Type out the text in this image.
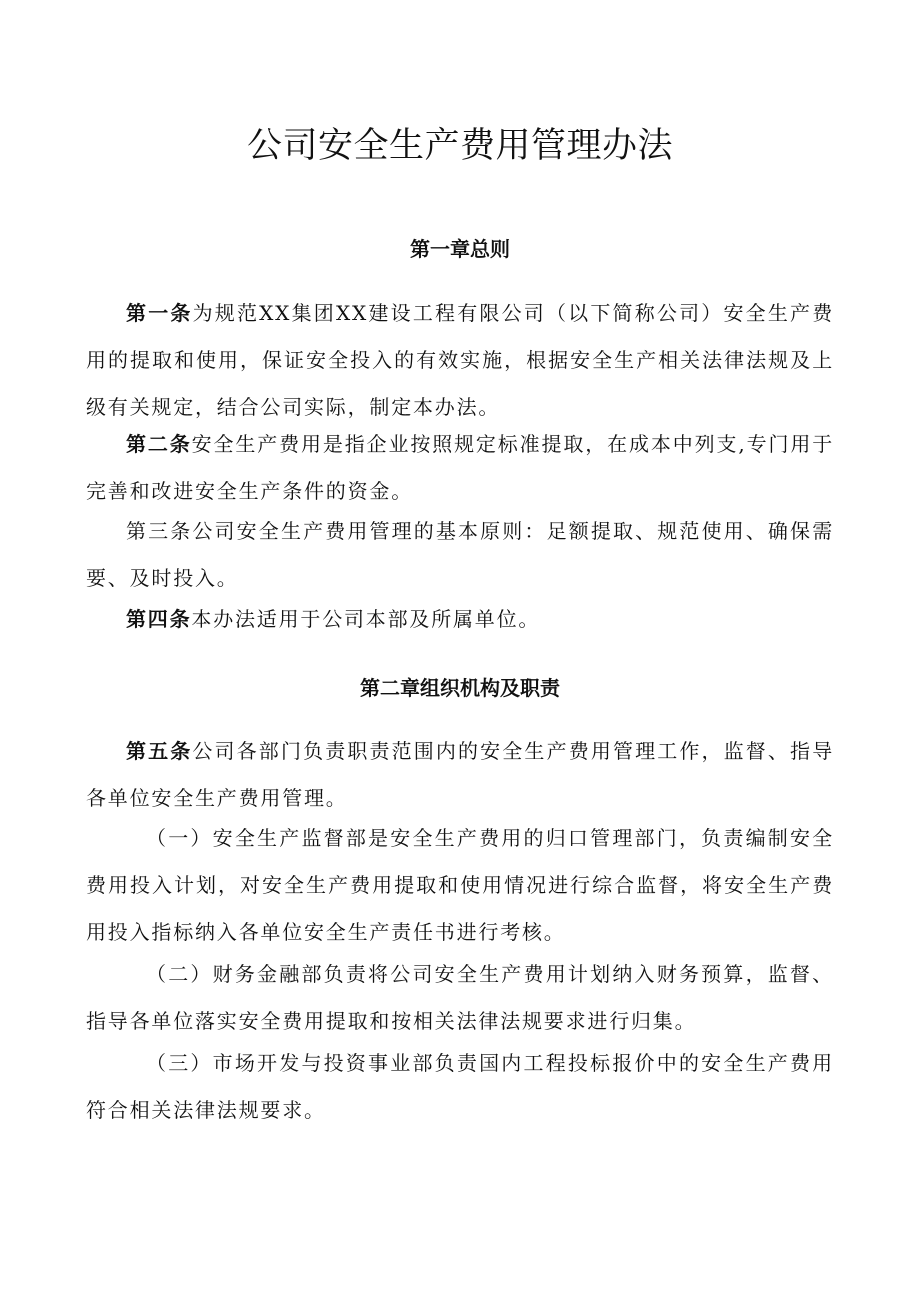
公司安全生产费用管理办法
第一章总则

第一条为规范XX集团XX建设工程有限公司（以下简称公司）安全生产费用的提取和使用，保证安全投入的有效实施，根据安全生产相关法律法规及上级有关规定，结合公司实际，制定本办法。

第二条安全生产费用是指企业按照规定标准提取，在成本中列支,专门用于完善和改进安全生产条件的资金。

第三条公司安全生产费用管理的基本原则：足额提取、规范使用、确保需要、及时投入。

第四条本办法适用于公司本部及所属单位。

第二章组织机构及职责

第五条公司各部门负责职责范围内的安全生产费用管理工作，监督、指导各单位安全生产费用管理。

（一）安全生产监督部是安全生产费用的归口管理部门，负责编制安全费用投入计划，对安全生产费用提取和使用情况进行综合监督，将安全生产费用投入指标纳入各单位安全生产责任书进行考核。

（二）财务金融部负责将公司安全生产费用计划纳入财务预算，监督、指导各单位落实安全费用提取和按相关法律法规要求进行归集。

（三）市场开发与投资事业部负责国内工程投标报价中的安全生产费用符合相关法律法规要求。
